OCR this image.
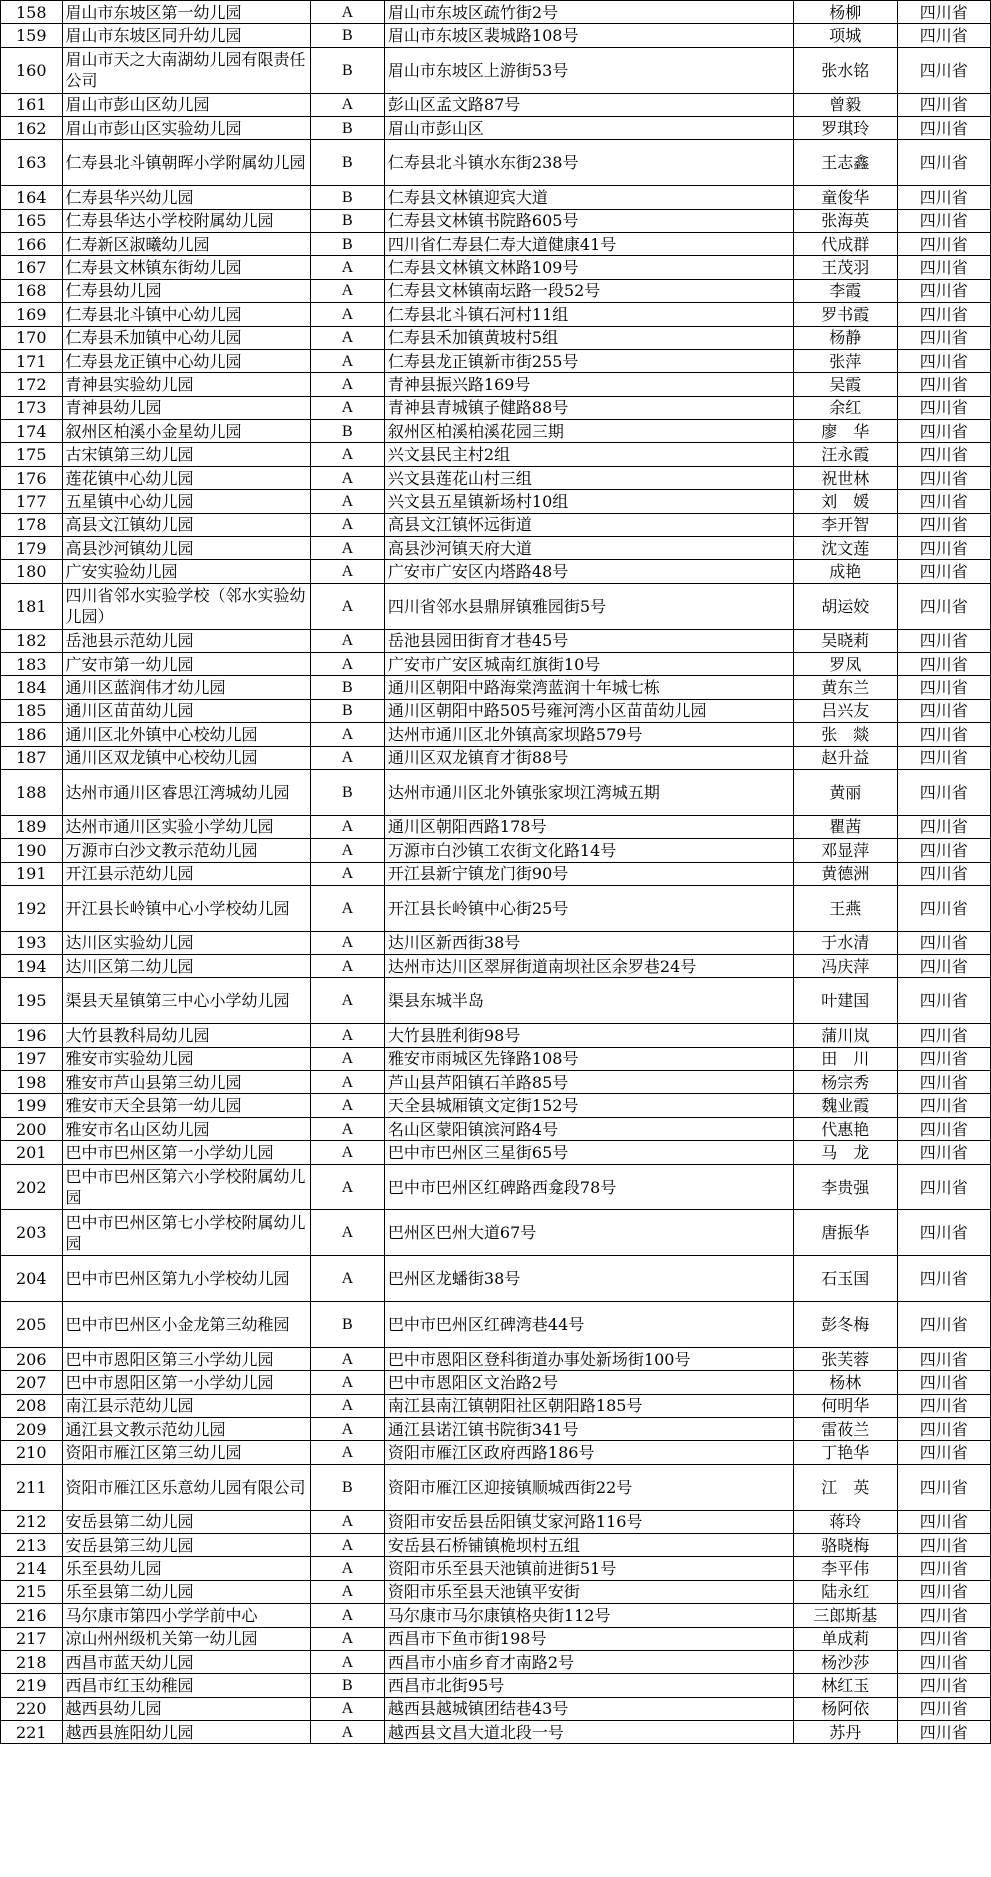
158	眉山市东坡区第一幼儿园	A	眉山市东坡区疏竹街2号	杨柳	四川省
159	眉山市东坡区同升幼儿园	B	眉山市东坡区裴城路108号	项城	四川省
160	眉山市天之大南湖幼儿园有限责任公司	B	眉山市东坡区上游街53号	张水铭	四川省
161	眉山市彭山区幼儿园	A	彭山区孟文路87号	曾毅	四川省
162	眉山市彭山区实验幼儿园	B	眉山市彭山区	罗琪玲	四川省
163	仁寿县北斗镇朝晖小学附属幼儿园	B	仁寿县北斗镇水东街238号	王志鑫	四川省
164	仁寿县华兴幼儿园	B	仁寿县文林镇迎宾大道	童俊华	四川省
165	仁寿县华达小学校附属幼儿园	B	仁寿县文林镇书院路605号	张海英	四川省
166	仁寿新区淑曦幼儿园	B	四川省仁寿县仁寿大道健康41号	代成群	四川省
167	仁寿县文林镇东街幼儿园	A	仁寿县文林镇文林路109号	王茂羽	四川省
168	仁寿县幼儿园	A	仁寿县文林镇南坛路一段52号	李霞	四川省
169	仁寿县北斗镇中心幼儿园	A	仁寿县北斗镇石河村11组	罗书霞	四川省
170	仁寿县禾加镇中心幼儿园	A	仁寿县禾加镇黄坡村5组	杨静	四川省
171	仁寿县龙正镇中心幼儿园	A	仁寿县龙正镇新市街255号	张萍	四川省
172	青神县实验幼儿园	A	青神县振兴路169号	吴霞	四川省
173	青神县幼儿园	A	青神县青城镇子健路88号	余红	四川省
174	叙州区柏溪小金星幼儿园	B	叙州区柏溪柏溪花园三期	廖　华	四川省
175	古宋镇第三幼儿园	A	兴文县民主村2组	汪永霞	四川省
176	莲花镇中心幼儿园	A	兴文县莲花山村三组	祝世林	四川省
177	五星镇中心幼儿园	A	兴文县五星镇新场村10组	刘　媛	四川省
178	高县文江镇幼儿园	A	高县文江镇怀远街道	李开智	四川省
179	高县沙河镇幼儿园	A	高县沙河镇天府大道	沈文莲	四川省
180	广安实验幼儿园	A	广安市广安区内塔路48号	成艳	四川省
181	四川省邻水实验学校（邻水实验幼儿园）	A	四川省邻水县鼎屏镇雅园街5号	胡运姣	四川省
182	岳池县示范幼儿园	A	岳池县园田街育才巷45号	吴晓莉	四川省
183	广安市第一幼儿园	A	广安市广安区城南红旗街10号	罗凤	四川省
184	通川区蓝润伟才幼儿园	B	通川区朝阳中路海棠湾蓝润十年城七栋	黄东兰	四川省
185	通川区苗苗幼儿园	B	通川区朝阳中路505号雍河湾小区苗苗幼儿园	吕兴友	四川省
186	通川区北外镇中心校幼儿园	A	达州市通川区北外镇高家坝路579号	张　燚	四川省
187	通川区双龙镇中心校幼儿园	A	通川区双龙镇育才街88号	赵升益	四川省
188	达州市通川区睿思江湾城幼儿园	B	达州市通川区北外镇张家坝江湾城五期	黄丽	四川省
189	达州市通川区实验小学幼儿园	A	通川区朝阳西路178号	瞿茜	四川省
190	万源市白沙文教示范幼儿园	A	万源市白沙镇工农街文化路14号	邓显萍	四川省
191	开江县示范幼儿园	A	开江县新宁镇龙门街90号	黄德洲	四川省
192	开江县长岭镇中心小学校幼儿园	A	开江县长岭镇中心街25号	王燕	四川省
193	达川区实验幼儿园	A	达川区新西街38号	于水清	四川省
194	达川区第二幼儿园	A	达州市达川区翠屏街道南坝社区余罗巷24号	冯庆萍	四川省
195	渠县天星镇第三中心小学幼儿园	A	渠县东城半岛	叶建国	四川省
196	大竹县教科局幼儿园	A	大竹县胜利街98号	蒲川岚	四川省
197	雅安市实验幼儿园	A	雅安市雨城区先锋路108号	田　川	四川省
198	雅安市芦山县第三幼儿园	A	芦山县芦阳镇石羊路85号	杨宗秀	四川省
199	雅安市天全县第一幼儿园	A	天全县城厢镇文定街152号	魏业霞	四川省
200	雅安市名山区幼儿园	A	名山区蒙阳镇滨河路4号	代惠艳	四川省
201	巴中市巴州区第一小学幼儿园	A	巴中市巴州区三星街65号	马　龙	四川省
202	巴中市巴州区第六小学校附属幼儿园	A	巴中市巴州区红碑路西龛段78号	李贵强	四川省
203	巴中市巴州区第七小学校附属幼儿园	A	巴州区巴州大道67号	唐振华	四川省
204	巴中市巴州区第九小学校幼儿园	A	巴州区龙蟠街38号	石玉国	四川省
205	巴中市巴州区小金龙第三幼稚园	B	巴中市巴州区红碑湾巷44号	彭冬梅	四川省
206	巴中市恩阳区第三小学幼儿园	A	巴中市恩阳区登科街道办事处新场街100号	张芙蓉	四川省
207	巴中市恩阳区第一小学幼儿园	A	巴中市恩阳区文治路2号	杨林	四川省
208	南江县示范幼儿园	A	南江县南江镇朝阳社区朝阳路185号	何明华	四川省
209	通江县文教示范幼儿园	A	通江县诺江镇书院街341号	雷莜兰	四川省
210	资阳市雁江区第三幼儿园	A	资阳市雁江区政府西路186号	丁艳华	四川省
211	资阳市雁江区乐意幼儿园有限公司	B	资阳市雁江区迎接镇顺城西街22号	江　英	四川省
212	安岳县第二幼儿园	A	资阳市安岳县岳阳镇艾家河路116号	蒋玲	四川省
213	安岳县第三幼儿园	A	安岳县石桥铺镇桅坝村五组	骆晓梅	四川省
214	乐至县幼儿园	A	资阳市乐至县天池镇前进街51号	李平伟	四川省
215	乐至县第二幼儿园	A	资阳市乐至县天池镇平安街	陆永红	四川省
216	马尔康市第四小学学前中心	A	马尔康市马尔康镇格央街112号	三郎斯基	四川省
217	凉山州州级机关第一幼儿园	A	西昌市下鱼市街198号	单成莉	四川省
218	西昌市蓝天幼儿园	A	西昌市小庙乡育才南路2号	杨沙莎	四川省
219	西昌市红玉幼稚园	B	西昌市北街95号	林红玉	四川省
220	越西县幼儿园	A	越西县越城镇团结巷43号	杨阿依	四川省
221	越西县旌阳幼儿园	A	越西县文昌大道北段一号	苏丹	四川省
